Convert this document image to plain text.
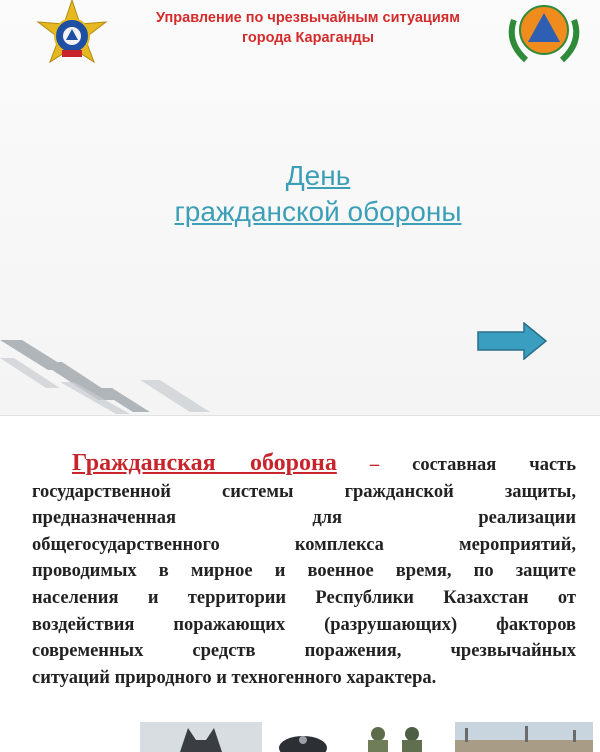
Управление по чрезвычайным ситуациям
города Караганды
День
гражданской обороны
Гражданская оборона – составная часть
государственной системы гражданской защиты,
предназначенная для реализации
общегосударственного комплекса мероприятий,
проводимых в мирное и военное время, по защите
населения и территории Республики Казахстан от
воздействия поражающих (разрушающих) факторов
современных средств поражения, чрезвычайных
ситуаций природного и техногенного характера.
